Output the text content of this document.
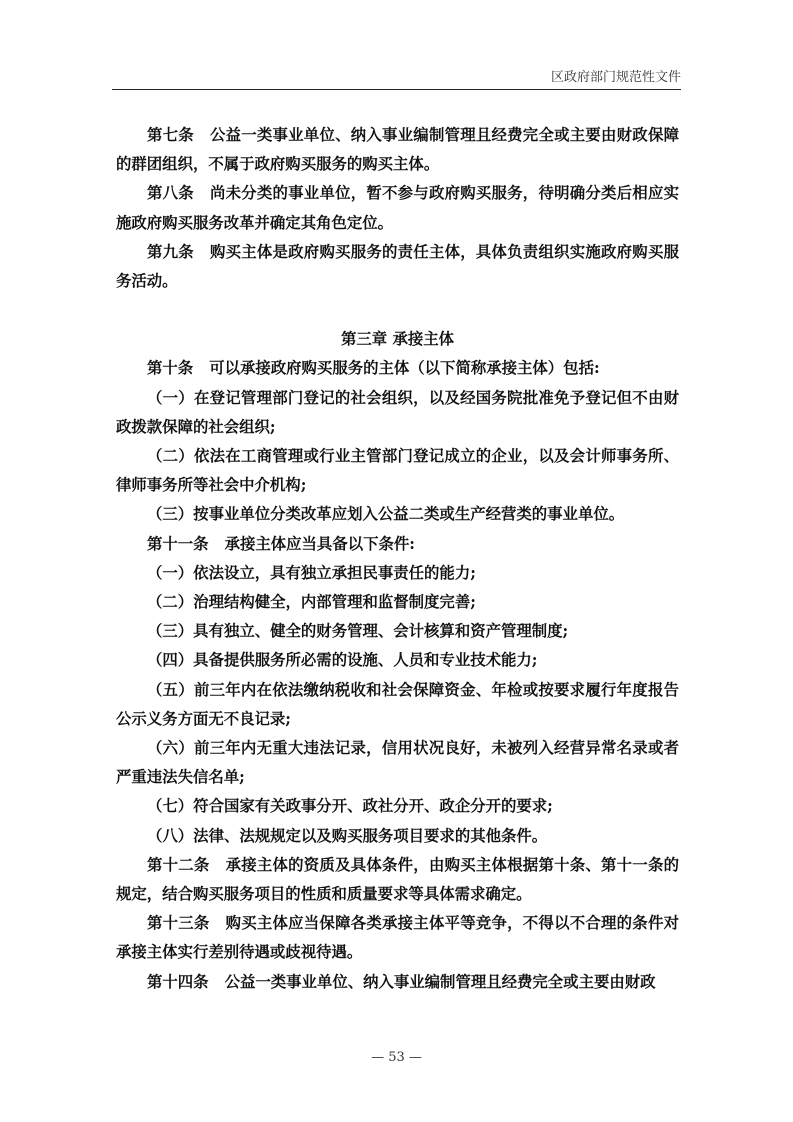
区政府部门规范性文件

第七条 公益一类事业单位、纳入事业编制管理且经费完全或主要由财政保障的群团组织，不属于政府购买服务的购买主体。

第八条 尚未分类的事业单位，暂不参与政府购买服务，待明确分类后相应实施政府购买服务改革并确定其角色定位。

第九条 购买主体是政府购买服务的责任主体，具体负责组织实施政府购买服务活动。

第三章 承接主体

第十条 可以承接政府购买服务的主体（以下简称承接主体）包括:

（一）在登记管理部门登记的社会组织，以及经国务院批准免予登记但不由财政拨款保障的社会组织;

（二）依法在工商管理或行业主管部门登记成立的企业，以及会计师事务所、律师事务所等社会中介机构;

（三）按事业单位分类改革应划入公益二类或生产经营类的事业单位。

第十一条 承接主体应当具备以下条件:

（一）依法设立，具有独立承担民事责任的能力;

（二）治理结构健全，内部管理和监督制度完善;

（三）具有独立、健全的财务管理、会计核算和资产管理制度;

（四）具备提供服务所必需的设施、人员和专业技术能力;

（五）前三年内在依法缴纳税收和社会保障资金、年检或按要求履行年度报告公示义务方面无不良记录;

（六）前三年内无重大违法记录，信用状况良好，未被列入经营异常名录或者严重违法失信名单;

（七）符合国家有关政事分开、政社分开、政企分开的要求;

（八）法律、法规规定以及购买服务项目要求的其他条件。

第十二条 承接主体的资质及具体条件，由购买主体根据第十条、第十一条的规定，结合购买服务项目的性质和质量要求等具体需求确定。

第十三条 购买主体应当保障各类承接主体平等竞争，不得以不合理的条件对承接主体实行差别待遇或歧视待遇。

第十四条 公益一类事业单位、纳入事业编制管理且经费完全或主要由财政

— 53 —
